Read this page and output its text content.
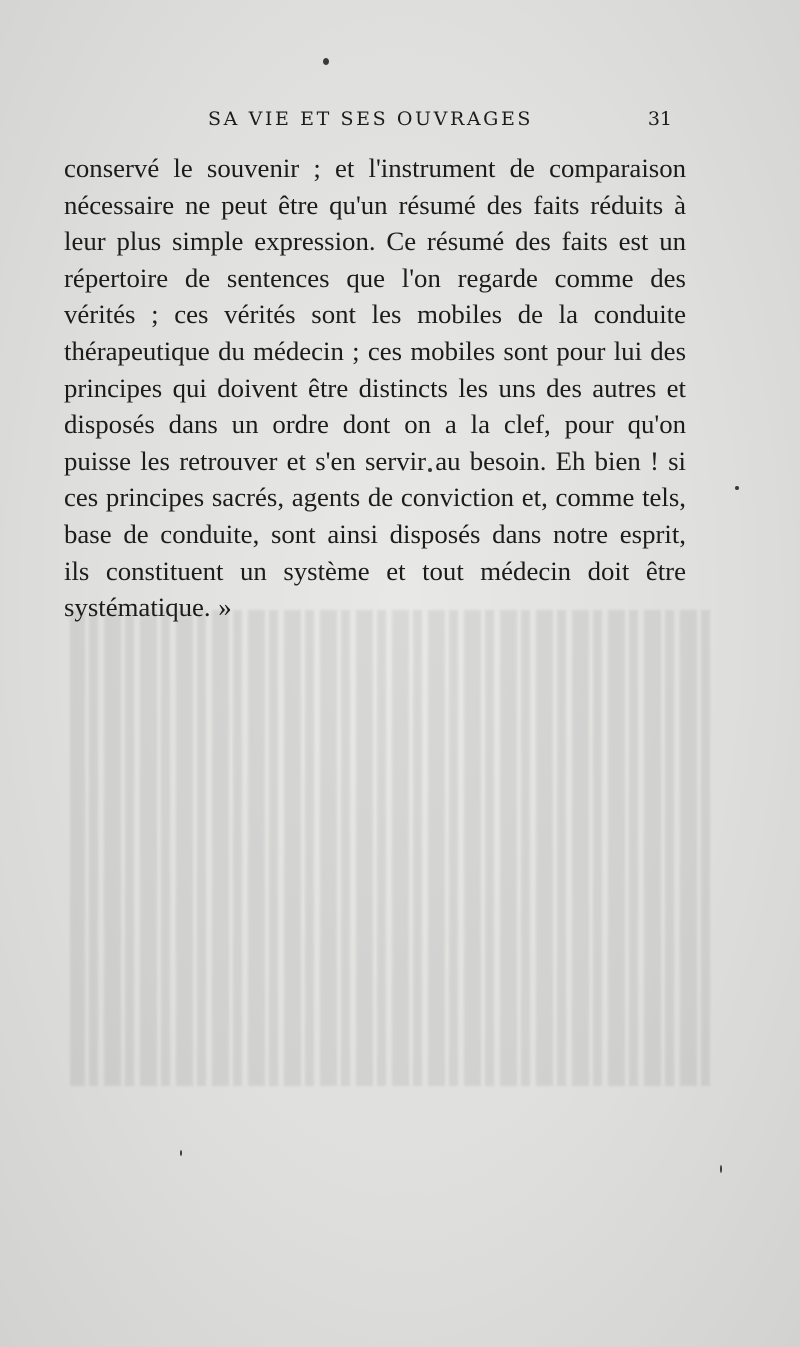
SA VIE ET SES OUVRAGES	31

conservé le souvenir ; et l'instrument de comparaison nécessaire ne peut être qu'un résumé des faits réduits à leur plus simple expression. Ce résumé des faits est un répertoire de sentences que l'on regarde comme des vérités ; ces vérités sont les mobiles de la conduite thérapeutique du médecin ; ces mobiles sont pour lui des principes qui doivent être distincts les uns des autres et disposés dans un ordre dont on a la clef, pour qu'on puisse les retrouver et s'en servir au besoin. Eh bien ! si ces principes sacrés, agents de conviction et, comme tels, base de conduite, sont ainsi disposés dans notre esprit, ils constituent un système et tout médecin doit être systématique. »
